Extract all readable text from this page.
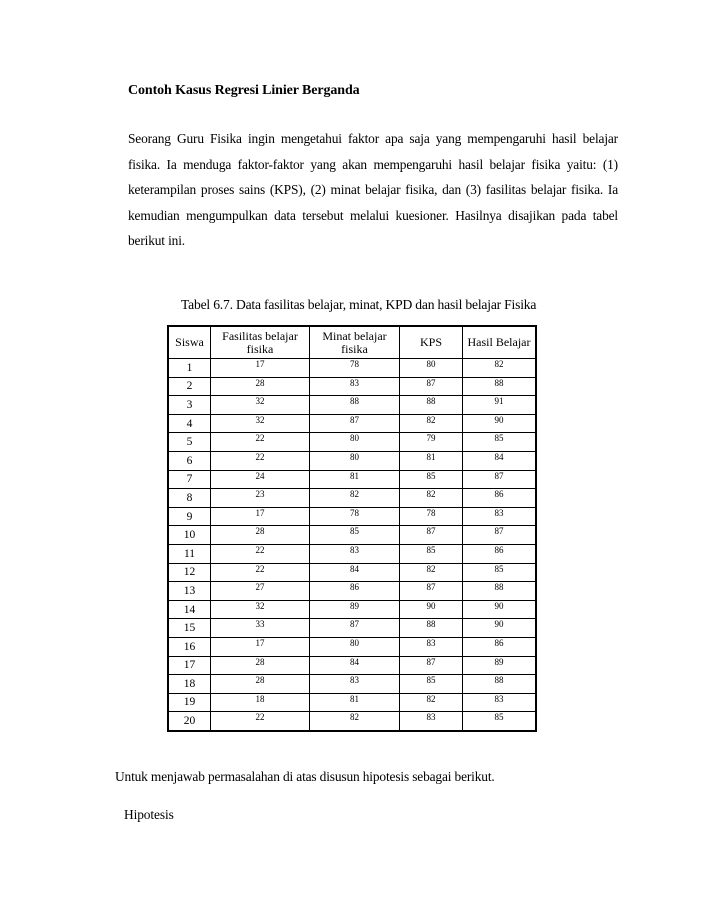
Contoh Kasus Regresi Linier Berganda
Seorang Guru Fisika ingin mengetahui faktor apa saja yang mempengaruhi hasil belajar fisika. Ia menduga faktor-faktor yang akan mempengaruhi hasil belajar fisika yaitu: (1) keterampilan proses sains (KPS), (2) minat belajar fisika, dan (3) fasilitas belajar fisika. Ia kemudian mengumpulkan data tersebut melalui kuesioner. Hasilnya disajikan pada tabel berikut ini.
Tabel 6.7. Data fasilitas belajar, minat, KPD dan hasil belajar Fisika
Siswa	Fasilitas belajar fisika	Minat belajar fisika	KPS	Hasil Belajar
1	17	78	80	82
2	28	83	87	88
3	32	88	88	91
4	32	87	82	90
5	22	80	79	85
6	22	80	81	84
7	24	81	85	87
8	23	82	82	86
9	17	78	78	83
10	28	85	87	87
11	22	83	85	86
12	22	84	82	85
13	27	86	87	88
14	32	89	90	90
15	33	87	88	90
16	17	80	83	86
17	28	84	87	89
18	28	83	85	88
19	18	81	82	83
20	22	82	83	85
Untuk menjawab permasalahan di atas disusun hipotesis sebagai berikut.
Hipotesis
